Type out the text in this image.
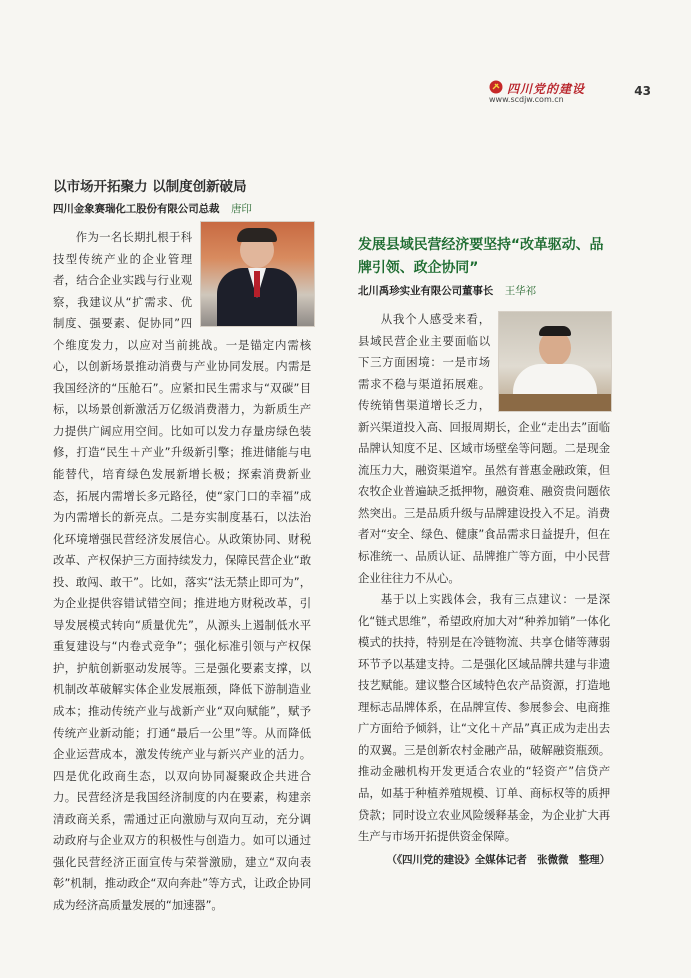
四川党的建设
www.scdjw.com.cn
43
以市场开拓聚力 以制度创新破局
四川金象赛瑞化工股份有限公司总裁 唐印

作为一名长期扎根于科技型传统产业的企业管理者，结合企业实践与行业观察，我建议从“扩需求、优制度、强要素、促协同”四个维度发力，以应对当前挑战。一是锚定内需核心，以创新场景推动消费与产业协同发展。内需是我国经济的“压舱石”。应紧扣民生需求与“双碳”目标，以场景创新激活万亿级消费潜力，为新质生产力提供广阔应用空间。比如可以发力存量房绿色装修，打造“民生＋产业”升级新引擎；推进储能与电能替代，培育绿色发展新增长极；探索消费新业态，拓展内需增长多元路径，使“家门口的幸福”成为内需增长的新亮点。二是夯实制度基石，以法治化环境增强民营经济发展信心。从政策协同、财税改革、产权保护三方面持续发力，保障民营企业“敢投、敢闯、敢干”。比如，落实“法无禁止即可为”，为企业提供容错试错空间；推进地方财税改革，引导发展模式转向“质量优先”，从源头上遏制低水平重复建设与“内卷式竞争”；强化标准引领与产权保护，护航创新驱动发展等。三是强化要素支撑，以机制改革破解实体企业发展瓶颈，降低下游制造业成本；推动传统产业与战新产业“双向赋能”，赋予传统产业新动能；打通“最后一公里”等。从而降低企业运营成本，激发传统产业与新兴产业的活力。四是优化政商生态，以双向协同凝聚政企共进合力。民营经济是我国经济制度的内在要素，构建亲清政商关系，需通过正向激励与双向互动，充分调动政府与企业双方的积极性与创造力。如可以通过强化民营经济正面宣传与荣誉激励，建立“双向表彰”机制，推动政企“双向奔赴”等方式，让政企协同成为经济高质量发展的“加速器”。

发展县域民营经济要坚持“改革驱动、品牌引领、政企协同”
北川禹珍实业有限公司董事长 王华祁

从我个人感受来看，县域民营企业主要面临以下三方面困境：一是市场需求不稳与渠道拓展难。传统销售渠道增长乏力，新兴渠道投入高、回报周期长，企业“走出去”面临品牌认知度不足、区域市场壁垒等问题。二是现金流压力大，融资渠道窄。虽然有普惠金融政策，但农牧企业普遍缺乏抵押物，融资难、融资贵问题依然突出。三是品质升级与品牌建设投入不足。消费者对“安全、绿色、健康”食品需求日益提升，但在标准统一、品质认证、品牌推广等方面，中小民营企业往往力不从心。

基于以上实践体会，我有三点建议：一是深化“链式思维”，希望政府加大对“种养加销”一体化模式的扶持，特别是在冷链物流、共享仓储等薄弱环节予以基建支持。二是强化区域品牌共建与非遗技艺赋能。建议整合区域特色农产品资源，打造地理标志品牌体系，在品牌宣传、参展参会、电商推广方面给予倾斜，让“文化＋产品”真正成为走出去的双翼。三是创新农村金融产品，破解融资瓶颈。推动金融机构开发更适合农业的“轻资产”信贷产品，如基于种植养殖规模、订单、商标权等的质押贷款；同时设立农业风险缓释基金，为企业扩大再生产与市场开拓提供资金保障。

（《四川党的建设》全媒体记者　张微微　整理）
